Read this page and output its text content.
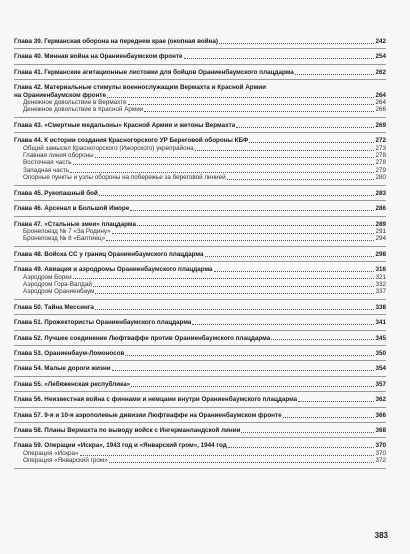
Глава 39. Германская оборона на переднем крае (окопная война)	242
Глава 40. Минная война на Ораниенбаумском фронте	254
Глава 41. Германские агитационные листовки для бойцов Ораниенбаумского плацдарма	262
Глава 42. Материальные стимулы военнослужащим Вермахта и Красной Армии
на Ораниенбаумском фронте	264
Денежное довольствие в Вермахте	264
Денежное довольствие в Красной Армии	266
Глава 43. «Смертные медальоны» Красной Армии и жетоны Вермахта	269
Глава 44. К истории создания Красногорского УР Береговой обороны КБФ	272
Общий замысел Красногорского (Ижорского) укрепрайона	273
Главная линия обороны	278
Восточная часть	278
Западная часть	279
Опорные пункты и узлы обороны на побережье за береговой линией	280
Глава 45. Рукопашный бой	283
Глава 46. Арсенал в Большой Ижоре	286
Глава 47. «Стальные змеи» плацдарма	289
Бронепоезд № 7 «За Родину»	291
Бронепоезд № 8 «Балтиец»	294
Глава 48. Войска СС у границ Ораниенбаумского плацдарма	298
Глава 49. Авиация и аэродромы Ораниенбаумского плацдарма	316
Аэродром Борки	321
Аэродром Гора-Валдай	332
Аэродром Ораниенбаум	337
Глава 50. Тайна Мессинга	338
Глава 51. Прожектористы Ораниенбаумского плацдарма	341
Глава 52. Лучшее соединение Люфтваффе против Ораниенбаумского плацдарма	345
Глава 53. Ораниенбаум-Ломоносов	350
Глава 54. Малые дороги жизни	354
Глава 55. «Лебяженская республика»	357
Глава 56. Неизвестная война с финнами и немцами внутри Ораниенбаумского плацдарма	362
Глава 57. 9-я и 10-я аэрополевые дивизии Люфтваффе на Ораниенбаумском фронте	366
Глава 58. Планы Вермахта по выводу войск с Ингерманландской линии	368
Глава 59. Операции «Искра», 1943 год и «Январский гром», 1944 год	370
Операция «Искра»	370
Операция «Январский гром»	372
383
